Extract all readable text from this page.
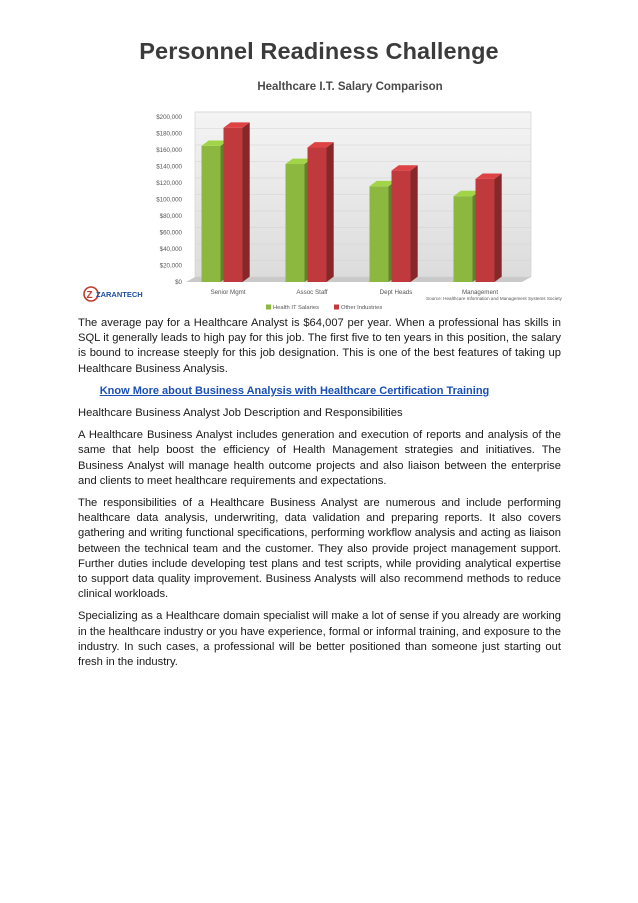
$0
$20,000
$40,000
$60,000
$80,000
$100,000
$120,000
$140,000
$160,000
$180,000
$200,000
Senior Mgmt	Assoc Staff	Dept Heads	Management
Health IT Salaries	Other Industries
Healthcare I.T. Salary Comparison
Source: Healthcare Information and Management Systems Society
Personnel Readiness Challenge
Z ZARANTECH

The average pay for a Healthcare Analyst is $64,007 per year. When a professional has skills in SQL it generally leads to high pay for this job. The first five to ten years in this position, the salary is bound to increase steeply for this job designation. This is one of the best features of taking up Healthcare Business Analysis.

Know More about Business Analysis with Healthcare Certification Training

Healthcare Business Analyst Job Description and Responsibilities

A Healthcare Business Analyst includes generation and execution of reports and analysis of the same that help boost the efficiency of Health Management strategies and initiatives. The Business Analyst will manage health outcome projects and also liaison between the enterprise and clients to meet healthcare requirements and expectations.

The responsibilities of a Healthcare Business Analyst are numerous and include performing healthcare data analysis, underwriting, data validation and preparing reports. It also covers gathering and writing functional specifications, performing workflow analysis and acting as liaison between the technical team and the customer. They also provide project management support. Further duties include developing test plans and test scripts, while providing analytical expertise to support data quality improvement. Business Analysts will also recommend methods to reduce clinical workloads.

Specializing as a Healthcare domain specialist will make a lot of sense if you already are working in the healthcare industry or you have experience, formal or informal training, and exposure to the industry. In such cases, a professional will be better positioned than someone just starting out fresh in the industry.
